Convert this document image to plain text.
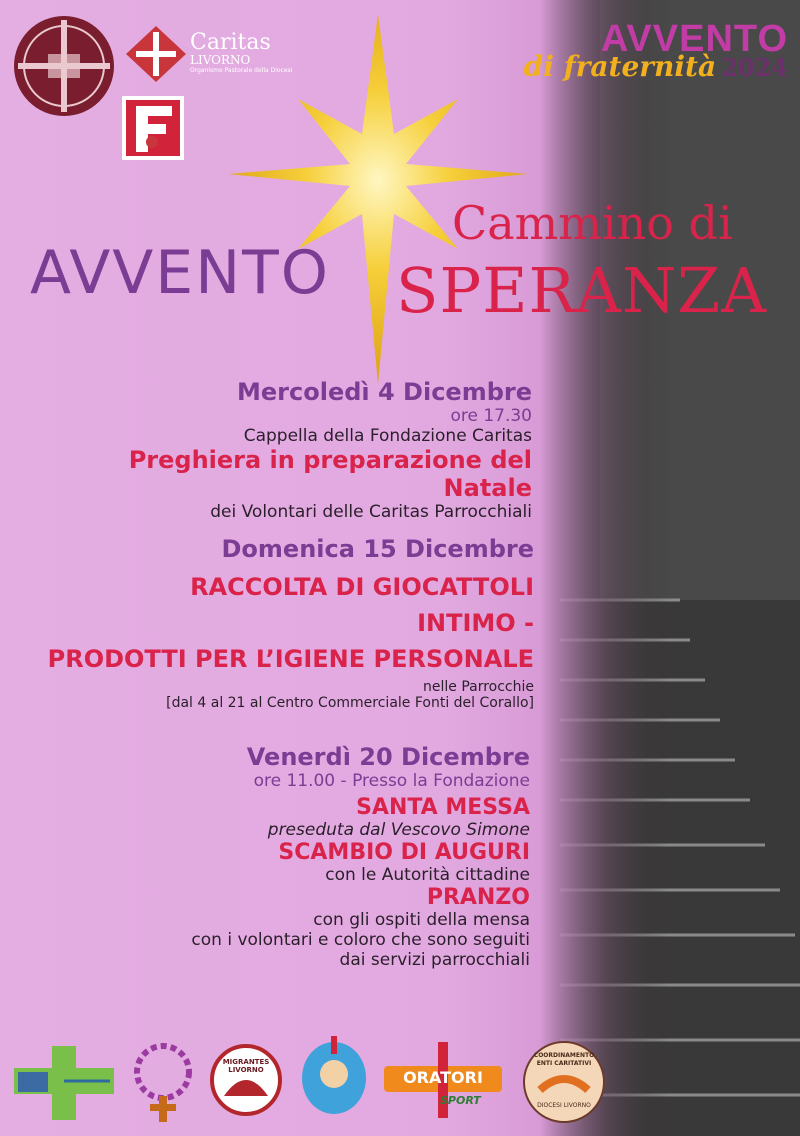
Caritas
LIVORNO
Organismo Pastorale della Diocesi
AVVENTO
di fraternità 2024
AVVENTO
Cammino di
SPERANZA
Mercoledì 4 Dicembre
ore 17.30
Cappella della Fondazione Caritas
Preghiera in preparazione del Natale
dei Volontari delle Caritas Parrocchiali
Domenica 15 Dicembre
RACCOLTA DI GIOCATTOLI
INTIMO -
PRODOTTI PER L’IGIENE PERSONALE
nelle Parrocchie
[dal 4 al 21 al Centro Commerciale Fonti del Corallo]
Venerdì 20 Dicembre
ore 11.00 - Presso la Fondazione
SANTA MESSA
preseduta dal Vescovo Simone
SCAMBIO DI AUGURI
con le Autorità cittadine
PRANZO
con gli ospiti della mensa
con i volontari e coloro che sono seguiti
dai servizi parrocchiali
MIGRANTES LIVORNO	ORATORI
SPORT
COORDINAMENTO
ENTI CARITATIVI
DIOCESI LIVORNO
